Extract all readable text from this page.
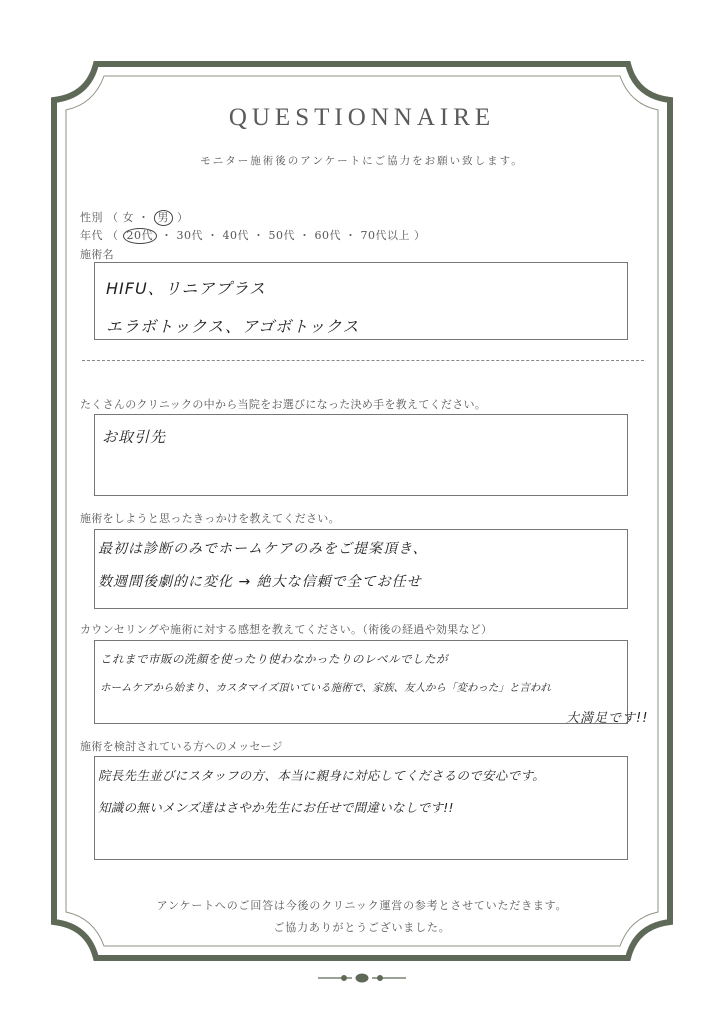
QUESTIONNAIRE
モニター施術後のアンケートにご協力をお願い致します。
性別 （ 女 ・ 男 ）
年代 （ 20代 ・ 30代 ・ 40代 ・ 50代 ・ 60代 ・ 70代以上 ）
施術名
HIFU、リニアプラス
エラボトックス、アゴボトックス
たくさんのクリニックの中から当院をお選びになった決め手を教えてください。
お取引先
施術をしようと思ったきっかけを教えてください。
最初は診断のみでホームケアのみをご提案頂き、
数週間後劇的に変化 → 絶大な信頼で全てお任せ
カウンセリングや施術に対する感想を教えてください。（術後の経過や効果など）
これまで市販の洗顔を使ったり使わなかったりのレベルでしたが
ホームケアから始まり、カスタマイズ頂いている施術で、家族、友人から「変わった」と言われ
大満足です!!
施術を検討されている方へのメッセージ
院長先生並びにスタッフの方、本当に親身に対応してくださるので安心です。
知識の無いメンズ達はさやか先生にお任せで間違いなしです!!
アンケートへのご回答は今後のクリニック運営の参考とさせていただきます。
ご協力ありがとうございました。
